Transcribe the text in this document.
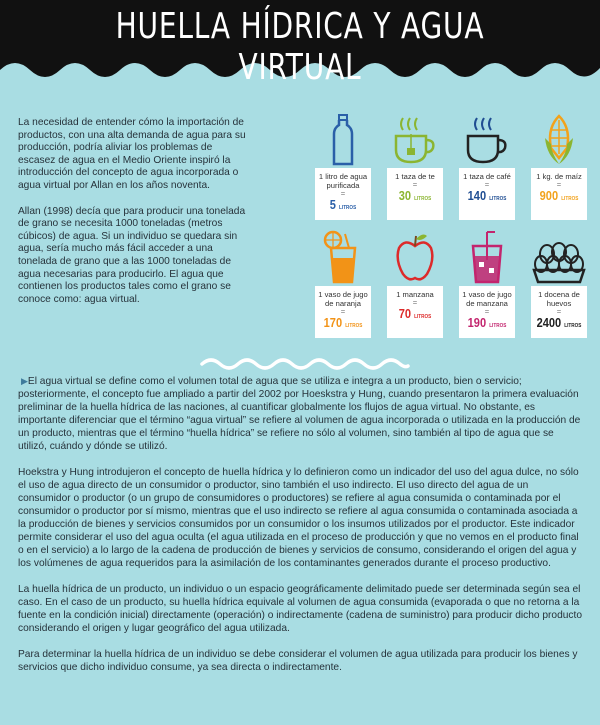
HUELLA HÍDRICA Y AGUA VIRTUAL

La necesidad de entender cómo la importación de productos, con una alta demanda de agua para su producción, podría aliviar los problemas de escasez de agua en el Medio Oriente inspiró la introducción del concepto de agua incorporada o agua virtual por Allan en los años noventa.

Allan (1998) decía que para producir una tonelada de grano se necesita 1000 toneladas (metros cúbicos) de agua. Si un individuo se quedara sin agua, sería mucho más fácil acceder a una tonelada de grano que a las 1000 toneladas de agua necesarias para producirlo. El agua que contienen los productos tales como el grano se conoce como: agua virtual.

1 litro de agua purificada
=
5 LITROS
1 taza de te
=
30 LITROS
1 taza de café
=
140 LITROS
1 kg. de maíz
=
900 LITROS
1 vaso de jugo de naranja
=
170 LITROS
1 manzana
=
70 LITROS
1 vaso de jugo de manzana
=
190 LITROS
1 docena de huevos
=
2400 LITROS

▶El agua virtual se define como el volumen total de agua que se utiliza e integra a un producto, bien o servicio; posteriormente, el concepto fue ampliado a partir del 2002 por Hoeskstra y Hung, cuando presentaron la primera evaluación preliminar de la huella hídrica de las naciones, al cuantificar globalmente los flujos de agua virtual. No obstante, es importante diferenciar que el término “agua virtual” se refiere al volumen de agua incorporada o utilizada en la producción de un producto, mientras que el término “huella hídrica” se refiere no sólo al volumen, sino también al tipo de agua que se utilizó, cuándo y dónde se utilizó.

Hoekstra y Hung introdujeron el concepto de huella hídrica y lo definieron como un indicador del uso del agua dulce, no sólo el uso de agua directo de un consumidor o productor, sino también el uso indirecto. El uso directo del agua de un consumidor o productor (o un grupo de consumidores o productores) se refiere al agua consumida o contaminada por el consumidor o productor por sí mismo, mientras que el uso indirecto se refiere al agua consumida o contaminada asociada a la producción de bienes y servicios consumidos por un consumidor o los insumos utilizados por el productor. Este indicador permite considerar el uso del agua oculta (el agua utilizada en el proceso de producción y que no vemos en el producto final o en el servicio) a lo largo de la cadena de producción de bienes y servicios de consumo, considerando el origen del agua y los volúmenes de agua requeridos para la asimilación de los contaminantes generados durante el proceso productivo.

La huella hídrica de un producto, un individuo o un espacio geográficamente delimitado puede ser determinada según sea el caso. En el caso de un producto, su huella hídrica equivale al volumen de agua consumida (evaporada o que no retorna a la fuente en la condición inicial) directamente (operación) o indirectamente (cadena de suministro) para producir dicho producto considerando el origen y lugar geográfico del agua utilizada.

Para determinar la huella hídrica de un individuo se debe considerar el volumen de agua utilizada para producir los bienes y servicios que dicho individuo consume, ya sea directa o indirectamente.
